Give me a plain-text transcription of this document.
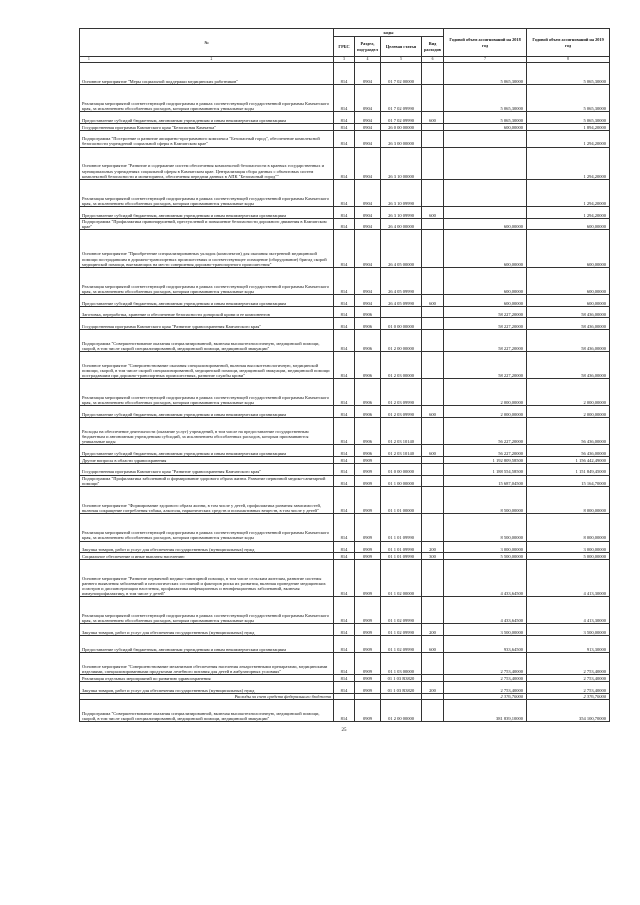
№	коды				Годовой объем ассигнований на 2018 год	Годовой объем ассигнований на 2019 год
	ГРБС	Раздел, под-раздел	Целевая статья	Вид расходов		

1 2	3	4	5	6	7	8
Основное мероприятие "Меры социальной поддержки медицинских работников"	814	0904	01 7 02 00000		5 065,30000	5 065,30000
Реализация мероприятий соответствующей подпрограммы в рамках соответствующей государственной программы Камчатского края, за исключением обособленных расходов, которым присваиваются уникальные коды	814	0904	01 7 02 09990		5 065,30000	5 065,30000
Предоставление субсидий бюджетным, автономным учреждениям и иным некоммерческим организациям	814	0904	01 7 02 09990	600	5 065,30000	5 065,30000
Государственная программа Камчатского края "Безопасная Камчатка"	814	0904	26 0 00 00000		600,00000	1 894,20000
Подпрограмма "Построение и развитие аппаратно-программного комплекса "Безопасный город", обеспечение комплексной безопасности учреждений социальной сферы в Камчатском крае"	814	0904	26 3 00 00000			1 294,20000
Основное мероприятие "Развитие и содержание систем обеспечения комплексной безопасности в краевых государственных и муниципальных учреждениях социальной сферы в Камчатском крае. Централизация сбора данных с объектовых систем комплексной безопасности и мониторинга, обеспечения передачи данных в АПК "Безопасный город""	814	0904	26 3 10 00000			1 294,20000
Реализация мероприятий соответствующей подпрограммы в рамках соответствующей государственной программы Камчатского края, за исключением обособленных расходов, которым присваиваются уникальные коды	814	0904	26 3 10 09990			1 294,20000
Предоставление субсидий бюджетным, автономным учреждениям и иным некоммерческим организациям	814	0904	26 3 10 09990	600		1 294,20000
Подпрограмма "Профилактика правонарушений, преступлений и повышение безопасности дорожного движения в Камчатском крае"	814	0904	26 4 00 00000		600,00000	600,00000
Основное мероприятие "Приобретение специализированных укладок (комплектов) для оказания экстренной медицинской помощи пострадавшим в дорожно-транспортных происшествиях и соответствующее оснащение (оборудование) бригад скорой медицинской помощи, выезжающих на место совершения дорожно-транспортного происшествия"	814	0904	26 4 05 00000		600,00000	600,00000
Реализация мероприятий соответствующей подпрограммы в рамках соответствующей государственной программы Камчатского края, за исключением обособленных расходов, которым присваиваются уникальные коды	814	0904	26 4 05 09990		600,00000	600,00000
Предоставление субсидий бюджетным, автономным учреждениям и иным некоммерческим организациям	814	0904	26 4 05 09990	600	600,00000	600,00000
Заготовка, переработка, хранение и обеспечение безопасности донорской крови и ее компонентов	814	0906			58 227,20000	58 436,00000
Государственная программа Камчатского края "Развитие здравоохранения Камчатского края"	814	0906	01 0 00 00000		58 227,20000	58 436,00000
Подпрограмма "Совершенствование оказания специализированной, включая высокотехнологичную, медицинской помощи, скорой, в том числе скорой специализированной, медицинской помощи, медицинской эвакуации"	814	0906	01 2 00 00000		58 227,20000	58 436,00000
Основное мероприятие "Совершенствование оказания специализированной, включая высокотехнологичную, медицинской помощи, скорой, в том числе скорой специализированной, медицинской помощи, медицинской эвакуации, медицинской помощи пострадавшим при дорожно-транспортных происшествиях, развитие службы крови"	814	0906	01 2 03 00000		58 227,20000	58 436,00000
Реализация мероприятий соответствующей подпрограммы в рамках соответствующей государственной программы Камчатского края, за исключением обособленных расходов, которым присваиваются уникальные коды	814	0906	01 2 03 09990		2 000,00000	2 000,00000
Предоставление субсидий бюджетным, автономным учреждениям и иным некоммерческим организациям	814	0906	01 2 03 09990	600	2 000,00000	2 000,00000
Расходы на обеспечение деятельности (оказание услуг) учреждений, в том числе на предоставление государственным бюджетным и автономным учреждениям субсидий, за исключением обособленных расходов, которым присваиваются уникальные коды	814	0906	01 2 03 10140		56 227,20000	56 436,00000
Предоставление субсидий бюджетным, автономным учреждениям и иным некоммерческим организациям	814	0906	01 2 03 10140	600	56 227,20000	56 436,00000
Другие вопросы в области здравоохранения	814	0909			1 192 809,58500	1 156 442,49000
Государственная программа Камчатского края "Развитие здравоохранения Камчатского края"	814	0909	01 0 00 00000		1 188 554,58500	1 151 849,45000
Подпрограмма "Профилактика заболеваний и формирование здорового образа жизни. Развитие первичной медико-санитарной помощи"	814	0909	01 1 00 00000		15 687,04500	15 164,70000
Основное мероприятие "Формирование здорового образа жизни, в том числе у детей, профилактика развития зависимостей, включая сокращение потребления табака, алкоголя, наркотических средств и психоактивных веществ, в том числе у детей"	814	0909	01 1 01 00000		8 500,00000	8 000,00000
Реализация мероприятий соответствующей подпрограммы в рамках соответствующей государственной программы Камчатского края, за исключением обособленных расходов, которым присваиваются уникальные коды	814	0909	01 1 01 09990		8 500,00000	8 000,00000
Закупка товаров, работ и услуг для обеспечения государственных (муниципальных) нужд	814	0909	01 1 01 09990	200	3 000,00000	3 000,00000
Социальное обеспечение и иные выплаты населению	814	0909	01 1 01 09990	300	5 500,00000	5 000,00000
Основное мероприятие "Развитие первичной медико-санитарной помощи, в том числе сельским жителям, развитие системы раннего выявления заболеваний и патологических состояний и факторов риска их развития, включая проведение медицинских осмотров и диспансеризации населения, профилактика инфекционных и неинфекционных заболеваний, включая иммунопрофилактику, в том числе у детей"	814	0909	01 1 02 00000		4 433,64500	4 413,30000
Реализация мероприятий соответствующей подпрограммы в рамках соответствующей государственной программы Камчатского края, за исключением обособленных расходов, которым присваиваются уникальные коды	814	0909	01 1 02 09990		4 433,64500	4 413,30000
Закупка товаров, работ и услуг для обеспечения государственных (муниципальных) нужд	814	0909	01 1 02 09990	200	3 500,00000	3 500,00000
Предоставление субсидий бюджетным, автономным учреждениям и иным некоммерческим организациям	814	0909	01 1 02 09990	600	933,64500	913,30000
Основное мероприятие "Совершенствование механизмов обеспечения населения лекарственными препаратами, медицинскими изделиями, специализированными продуктами лечебного питания для детей в амбулаторных условиях"	814	0909	01 1 03 00000		2 753,40000	2 753,40000
Реализация отдельных мероприятий по развитию здравоохранения	814	0909	01 1 03 R3820		2 753,40000	2 753,40000
Закупка товаров, работ и услуг для обеспечения государственных (муниципальных) нужд	814	0909	01 1 03 R3820	200	2 753,40000	2 753,40000
Расходы за счет средств федерального бюджета					2 376,70000	2 376,70000
Подпрограмма "Совершенствование оказания специализированной, включая высокотехнологичную, медицинской помощи, скорой, в том числе скорой специализированной, медицинской помощи, медицинской эвакуации"	814	0909	01 2 00 00000		381 839,10000	354 100,70000
25
